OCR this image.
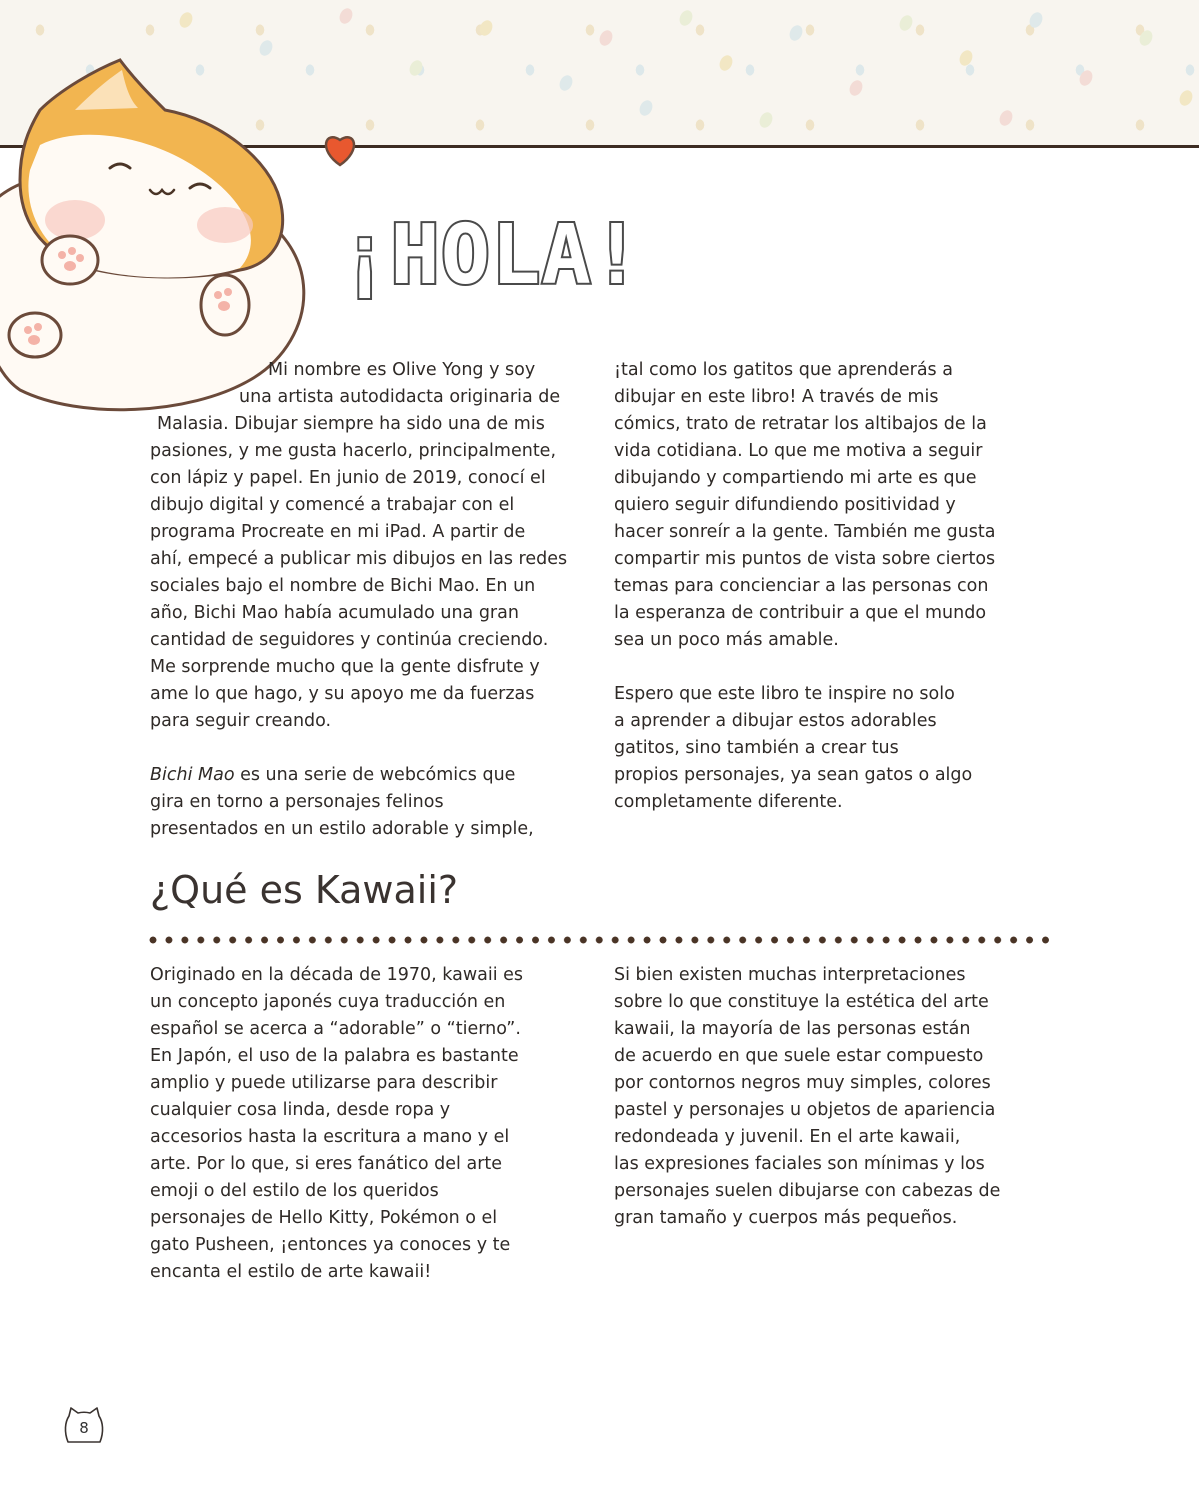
¡HOLA!

Mi nombre es Olive Yong y soy

una artista autodidacta originaria de

Malasia. Dibujar siempre ha sido una de mis

pasiones, y me gusta hacerlo, principalmente,

con lápiz y papel. En junio de 2019, conocí el

dibujo digital y comencé a trabajar con el

programa Procreate en mi iPad. A partir de

ahí, empecé a publicar mis dibujos en las redes

sociales bajo el nombre de Bichi Mao. En un

año, Bichi Mao había acumulado una gran

cantidad de seguidores y continúa creciendo.

Me sorprende mucho que la gente disfrute y

ame lo que hago, y su apoyo me da fuerzas

para seguir creando.

Bichi Mao es una serie de webcómics que

gira en torno a personajes felinos

presentados en un estilo adorable y simple,

¡tal como los gatitos que aprenderás a

dibujar en este libro! A través de mis

cómics, trato de retratar los altibajos de la

vida cotidiana. Lo que me motiva a seguir

dibujando y compartiendo mi arte es que

quiero seguir difundiendo positividad y

hacer sonreír a la gente. También me gusta

compartir mis puntos de vista sobre ciertos

temas para concienciar a las personas con

la esperanza de contribuir a que el mundo

sea un poco más amable.

Espero que este libro te inspire no solo

a aprender a dibujar estos adorables

gatitos, sino también a crear tus

propios personajes, ya sean gatos o algo

completamente diferente.

¿Qué es Kawaii?

Originado en la década de 1970, kawaii es

un concepto japonés cuya traducción en

español se acerca a “adorable” o “tierno”.

En Japón, el uso de la palabra es bastante

amplio y puede utilizarse para describir

cualquier cosa linda, desde ropa y

accesorios hasta la escritura a mano y el

arte. Por lo que, si eres fanático del arte

emoji o del estilo de los queridos

personajes de Hello Kitty, Pokémon o el

gato Pusheen, ¡entonces ya conoces y te

encanta el estilo de arte kawaii!

Si bien existen muchas interpretaciones

sobre lo que constituye la estética del arte

kawaii, la mayoría de las personas están

de acuerdo en que suele estar compuesto

por contornos negros muy simples, colores

pastel y personajes u objetos de apariencia

redondeada y juvenil. En el arte kawaii,

las expresiones faciales son mínimas y los

personajes suelen dibujarse con cabezas de

gran tamaño y cuerpos más pequeños.

8
